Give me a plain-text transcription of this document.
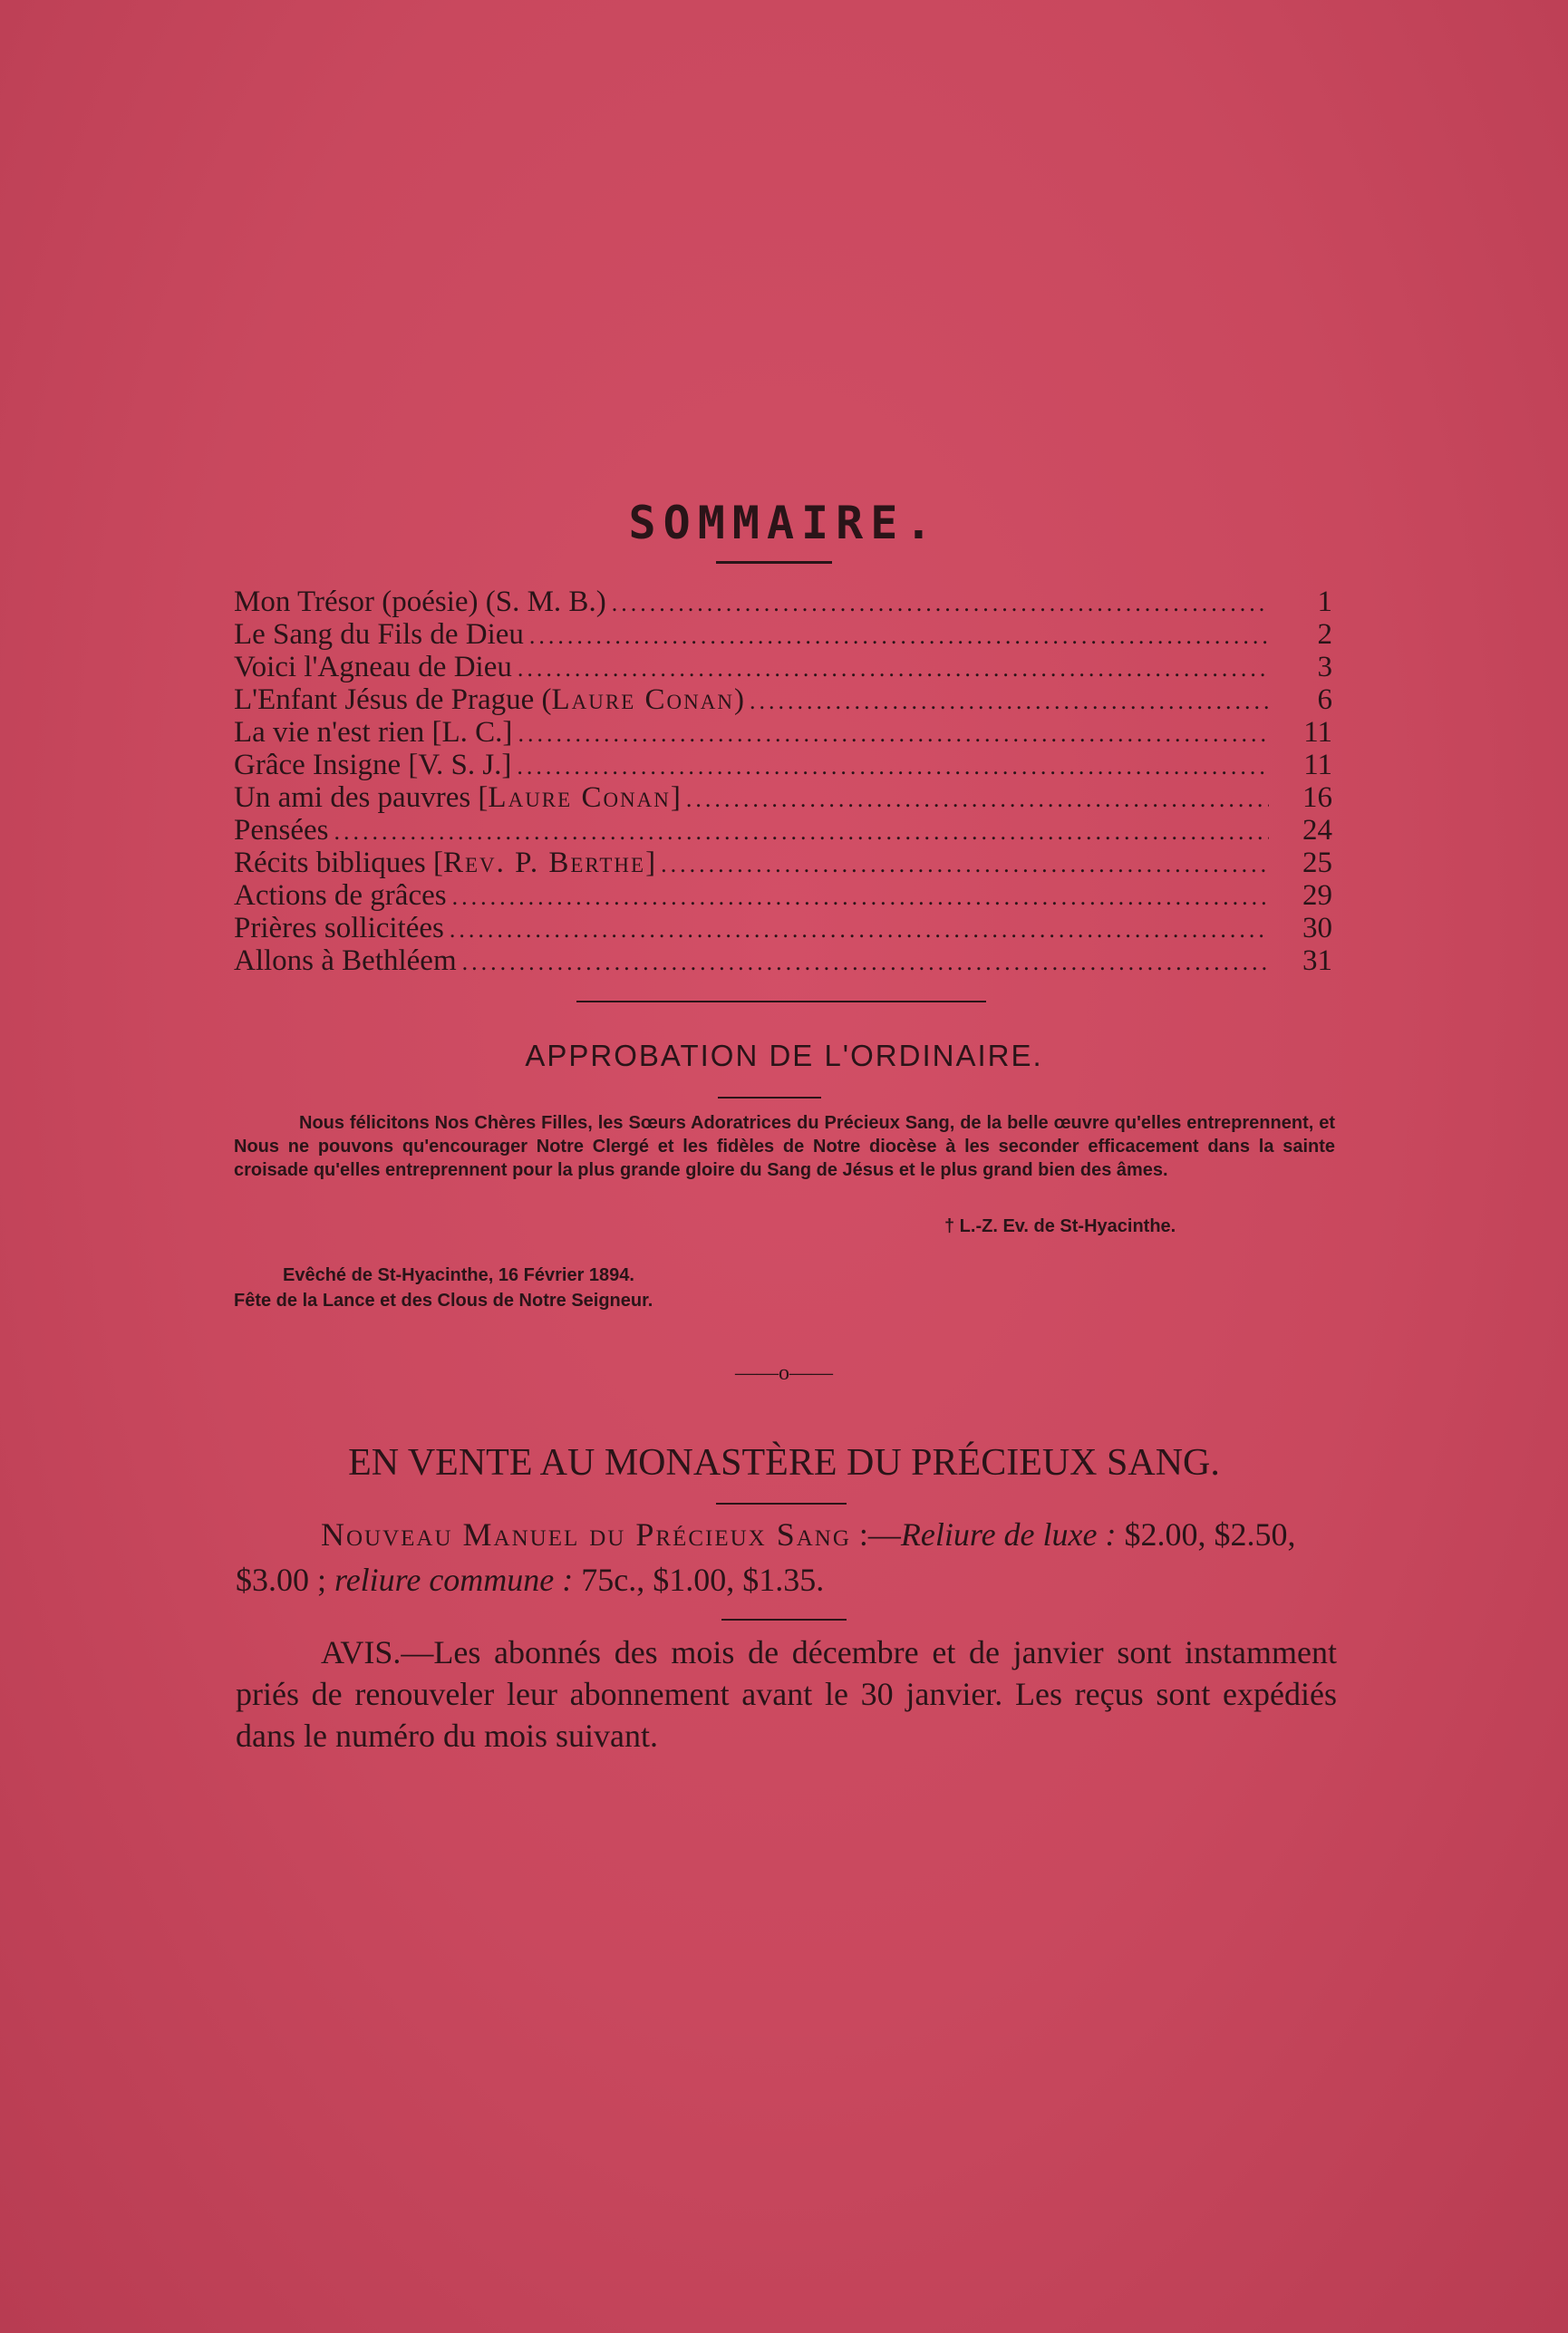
SOMMAIRE.
Mon Trésor (poésie) (S. M. B.) .....	1
Le Sang du Fils de Dieu .....	2
Voici l'Agneau de Dieu .....	3
L'Enfant Jésus de Prague (Laure Conan) .....	6
La vie n'est rien [L. C.] .....	11
Grâce Insigne [V. S. J.] .....	11
Un ami des pauvres [Laure Conan] .....	16
Pensées .....	24
Récits bibliques [Rev. P. Berthe] .....	25
Actions de grâces .....	29
Prières sollicitées .....	30
Allons à Bethléem .....	31
APPROBATION DE L'ORDINAIRE.
Nous félicitons Nos Chères Filles, les Sœurs Adoratrices du Précieux Sang, de la belle œuvre qu'elles entreprennent, et Nous ne pouvons qu'encourager Notre Clergé et les fidèles de Notre diocèse à les seconder efficacement dans la sainte croisade qu'elles entreprennent pour la plus grande gloire du Sang de Jésus et le plus grand bien des âmes.
† L.-Z. Ev. de St-Hyacinthe.
Evêché de St-Hyacinthe, 16 Février 1894.
Fête de la Lance et des Clous de Notre Seigneur.
——o——
EN VENTE AU MONASTÈRE DU PRÉCIEUX SANG.
Nouveau Manuel du Précieux Sang :—Reliure de luxe : $2.00, $2.50, $3.00 ; reliure commune : 75c., $1.00, $1.35.
AVIS.—Les abonnés des mois de décembre et de janvier sont instamment priés de renouveler leur abonnement avant le 30 janvier. Les reçus sont expédiés dans le numéro du mois suivant.
